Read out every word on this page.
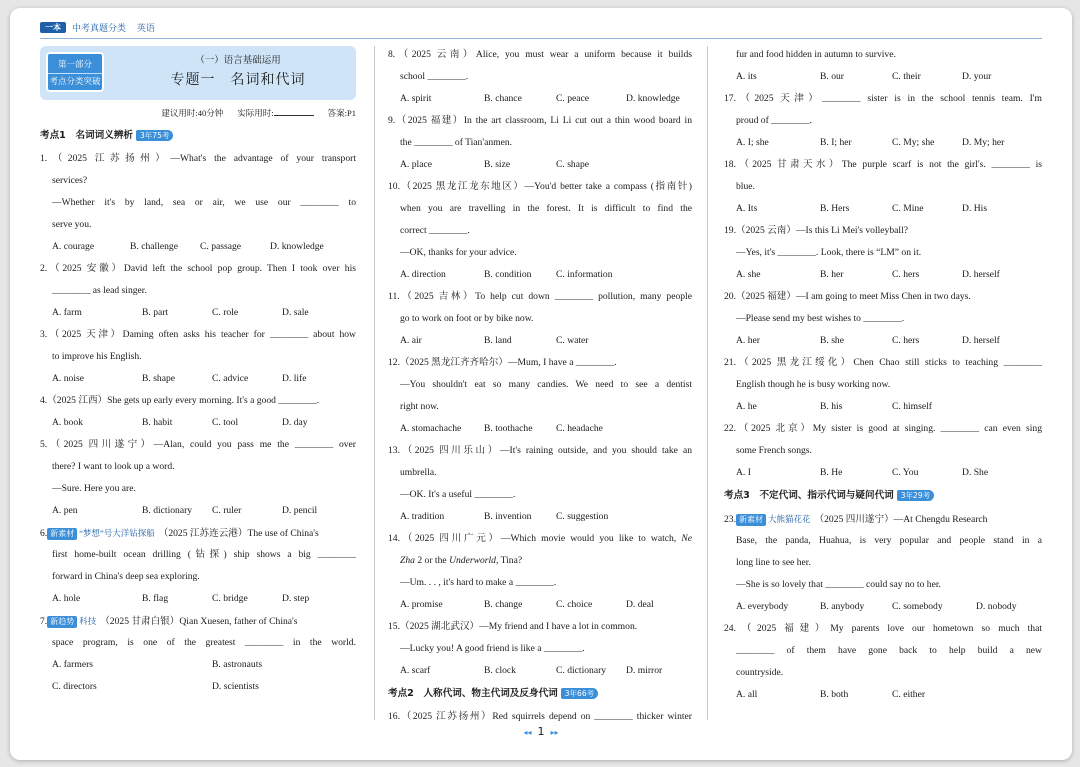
一本	中考真题分类
英语
第一部分
考点分类突破
（一）语言基础运用
专题一　名词和代词
建议用时:40分钟 实际用时:	答案:P1
考点1　名词词义辨析 3年75考
1.（2025 江苏扬州）—What's the advantage of your transport
services?
—Whether it's by land, sea or air, we use our ________ to
serve you.
A. courage	B. challenge	C. passage	D. knowledge
2.（2025 安徽）David left the school pop group. Then I took over his
________ as lead singer.
A. farm	B. part	C. role	D. sale
3.（2025 天津）Daming often asks his teacher for ________ about how
to improve his English.
A. noise	B. shape	C. advice	D. life
4.（2025 江西）She gets up early every morning. It's a good ________.
A. book	B. habit	C. tool	D. day
5.（2025 四川遂宁）—Alan, could you pass me the ________ over
there? I want to look up a word.
—Sure. Here you are.
A. pen	B. dictionary	C. ruler	D. pencil
6. 新素材 “梦想”号大洋钻探船 （2025 江苏连云港）The use of China's
first home-built ocean drilling (钻探) ship shows a big ________
forward in China's deep sea exploring.
A. hole	B. flag	C. bridge	D. step
7. 新趋势 科技 （2025 甘肃白银）Qian Xuesen, father of China's
space program, is one of the greatest ________ in the world.
A. farmers	B. astronauts
C. directors	D. scientists
8.（2025 云南）Alice, you must wear a uniform because it builds
school ________.
A. spirit	B. chance	C. peace	D. knowledge
9.（2025 福建）In the art classroom, Li Li cut out a thin wood board in
the ________ of Tian'anmen.
A. place	B. size	C. shape
10.（2025 黑龙江龙东地区）—You'd better take a compass (指南针)
when you are travelling in the forest. It is difficult to find the
correct ________.
—OK, thanks for your advice.
A. direction	B. condition	C. information
11.（2025 吉林）To help cut down ________ pollution, many people
go to work on foot or by bike now.
A. air	B. land	C. water
12.（2025 黑龙江齐齐哈尔）—Mum, I have a ________.
—You shouldn't eat so many candies. We need to see a dentist
right now.
A. stomachache	B. toothache	C. headache
13.（2025 四川乐山）—It's raining outside, and you should take an
umbrella.
—OK. It's a useful ________.
A. tradition	B. invention	C. suggestion
14.（2025 四川广元）—Which movie would you like to watch, Ne
Zha 2 or the Underworld, Tina?
—Um. . . , it's hard to make a ________.
A. promise	B. change	C. choice	D. deal
15.（2025 湖北武汉）—My friend and I have a lot in common.
—Lucky you! A good friend is like a ________.
A. scarf	B. clock	C. dictionary	D. mirror
考点2　人称代词、物主代词及反身代词 3年66考
16.（2025 江苏扬州）Red squirrels depend on ________ thicker winter
fur and food hidden in autumn to survive.
A. its	B. our	C. their	D. your
17.（2025 天津）________ sister is in the school tennis team. I'm
proud of ________.
A. I; she	B. I; her	C. My; she	D. My; her
18.（2025 甘肃天水）The purple scarf is not the girl's. ________ is
blue.
A. Its	B. Hers	C. Mine	D. His
19.（2025 云南）—Is this Li Mei's volleyball?
—Yes, it's ________. Look, there is “LM” on it.
A. she	B. her	C. hers	D. herself
20.（2025 福建）—I am going to meet Miss Chen in two days.
—Please send my best wishes to ________.
A. her	B. she	C. hers	D. herself
21.（2025 黑龙江绥化）Chen Chao still sticks to teaching ________
English though he is busy working now.
A. he	B. his	C. himself
22.（2025 北京）My sister is good at singing. ________ can even sing
some French songs.
A. I	B. He	C. You	D. She
考点3　不定代词、指示代词与疑问代词 3年29考
23. 新素材 大熊猫花花 （2025 四川遂宁）—At Chengdu Research
Base, the panda, Huahua, is very popular and people stand in a
long line to see her.
—She is so lovely that ________ could say no to her.
A. everybody	B. anybody	C. somebody	D. nobody
24.（2025 福建）My parents love our hometown so much that
________ of them have gone back to help build a new
countryside.
A. all	B. both	C. either
◂◂ 1 ▸▸
